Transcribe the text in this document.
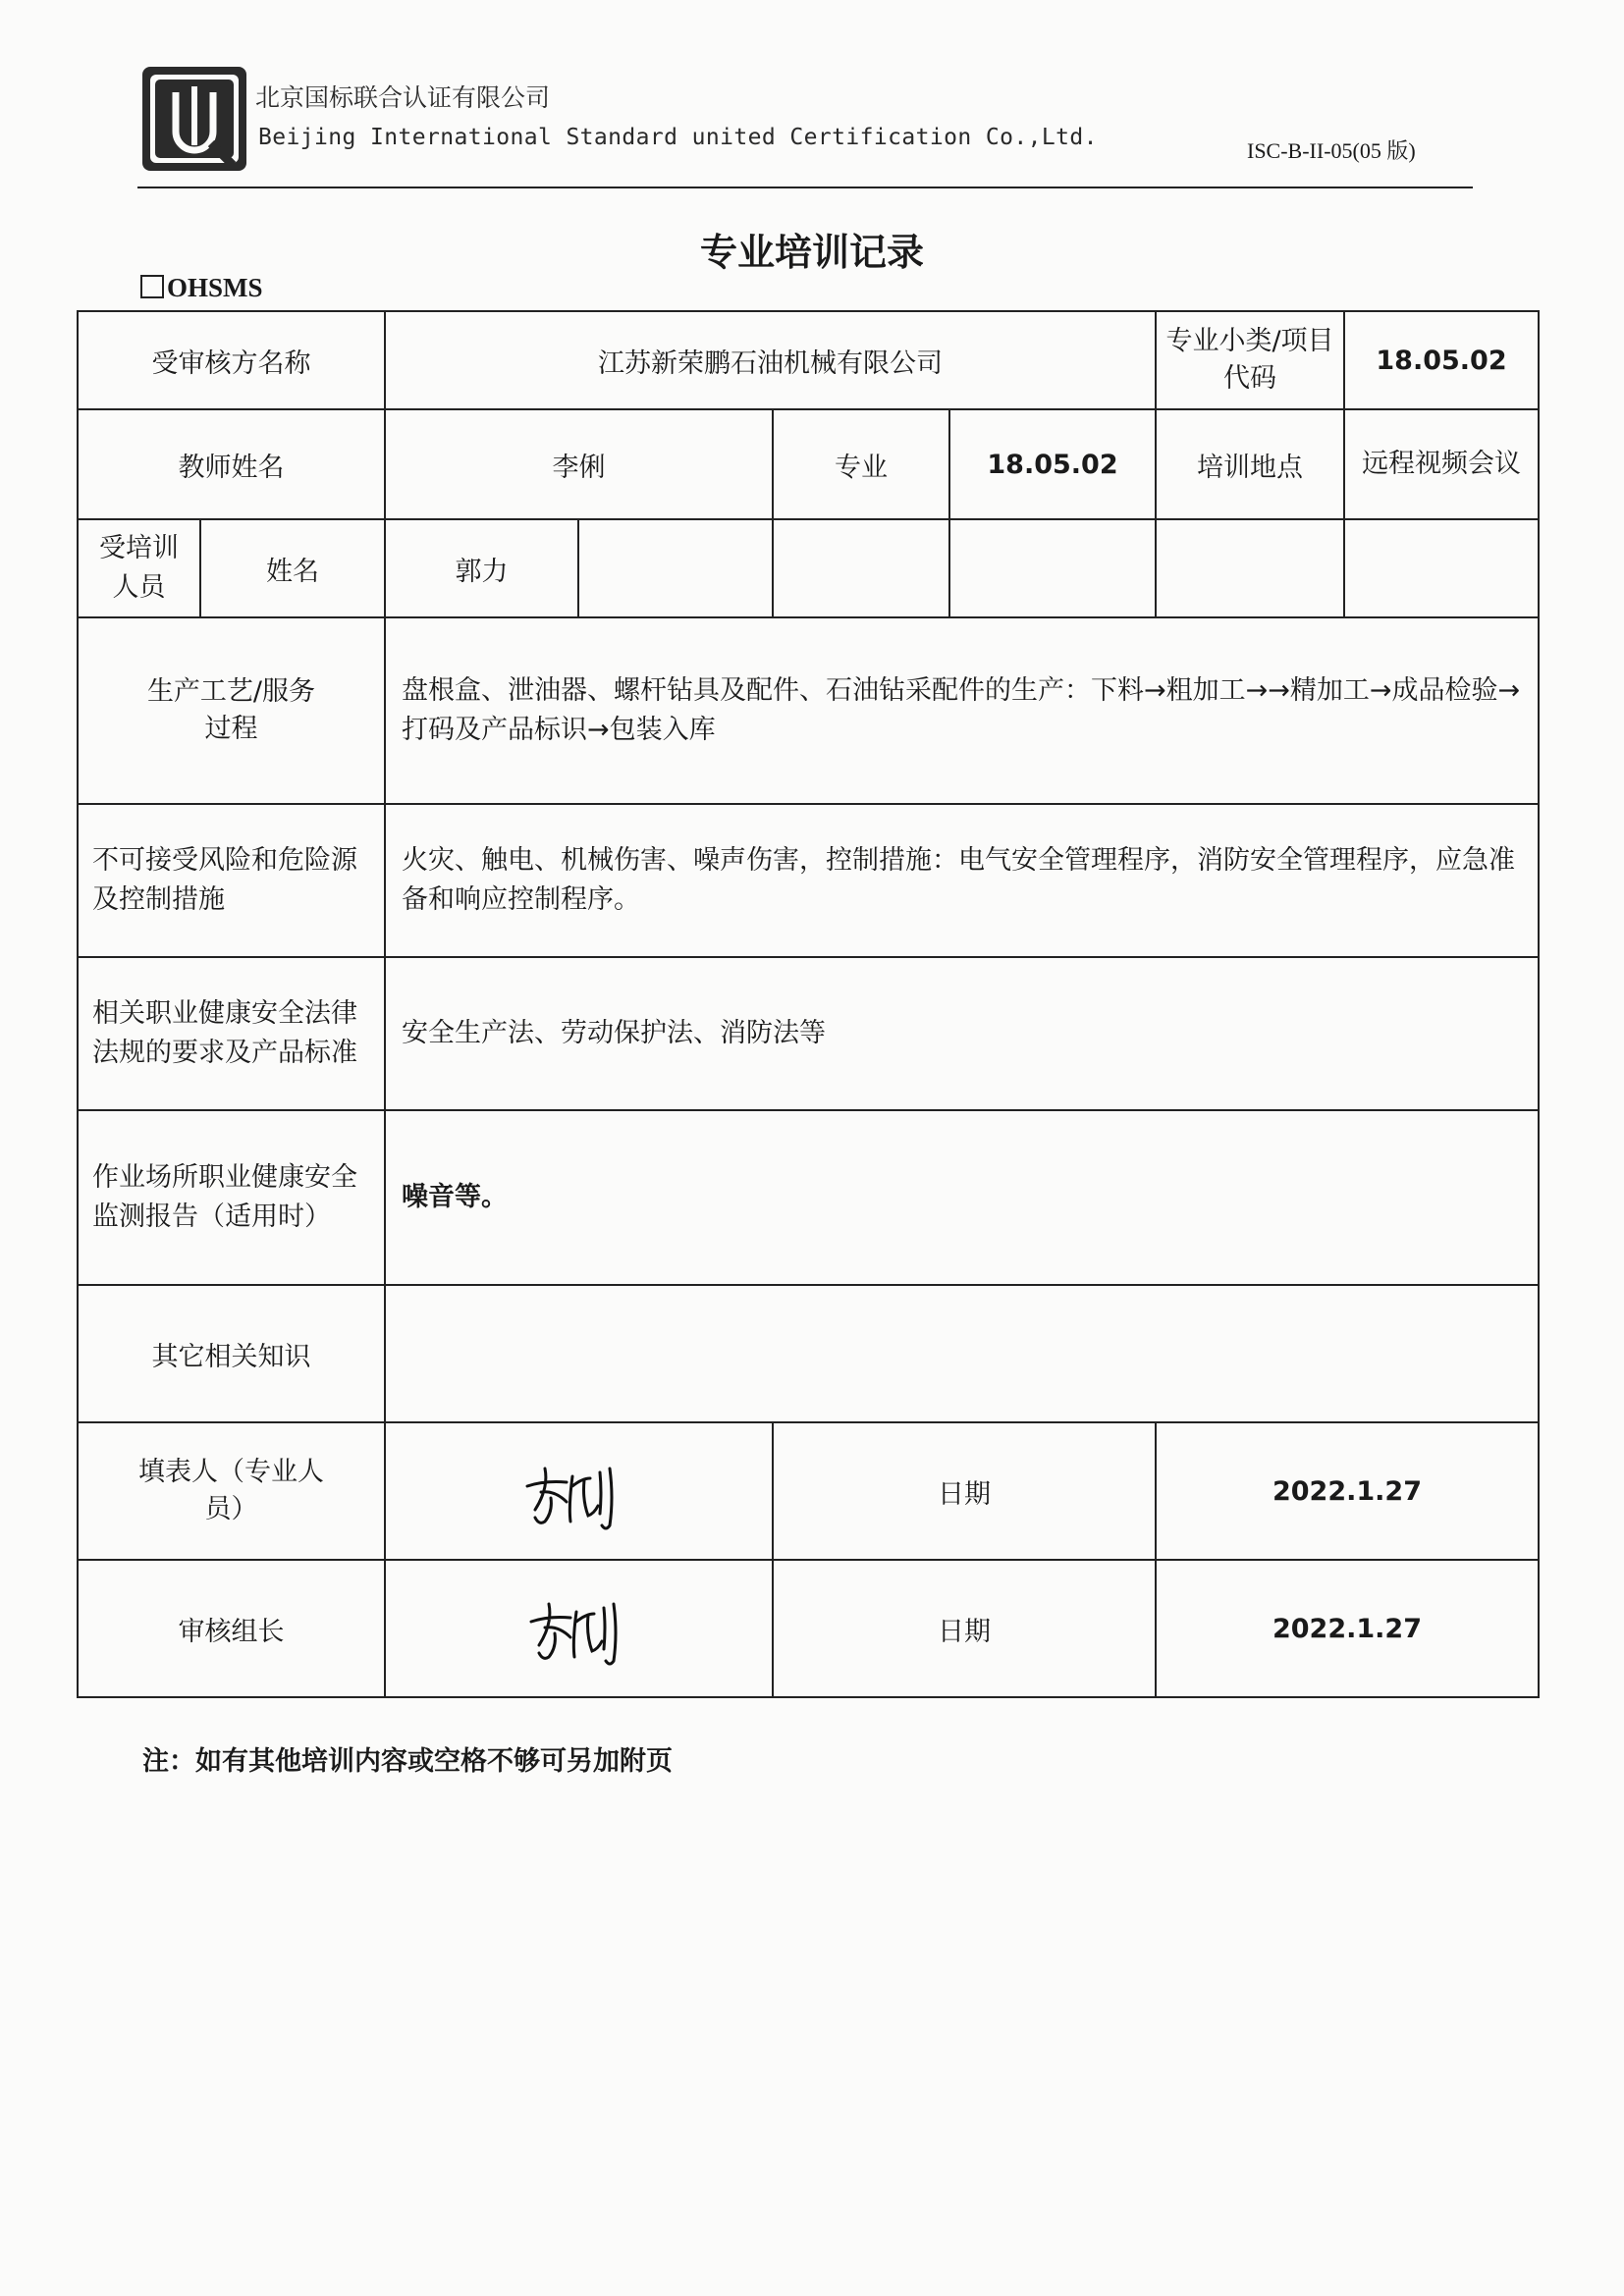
北京国标联合认证有限公司
Beijing International Standard united Certification Co.,Ltd.
ISC-B-II-05(05 版)
专业培训记录
OHSMS
受审核方名称		江苏新荣鹏石油机械有限公司				专业小类/项目代码	18.05.02
教师姓名		李俐		专业	18.05.02	培训地点	远程视频会议
受培训人员	姓名	郭力					
生产工艺/服务过程		盘根盒、泄油器、螺杆钻具及配件、石油钻采配件的生产：下料→粗加工→→精加工→成品检验→打码及产品标识→包装入库					
不可接受风险和危险源及控制措施		火灾、触电、机械伤害、噪声伤害，控制措施：电气安全管理程序，消防安全管理程序，应急准备和响应控制程序。					
相关职业健康安全法律法规的要求及产品标准		安全生产法、劳动保护法、消防法等					
作业场所职业健康安全监测报告（适用时）		噪音等。					
其它相关知识							
填表人（专业人员）				日期		2022.1.27	
审核组长				日期		2022.1.27	
注：如有其他培训内容或空格不够可另加附页
